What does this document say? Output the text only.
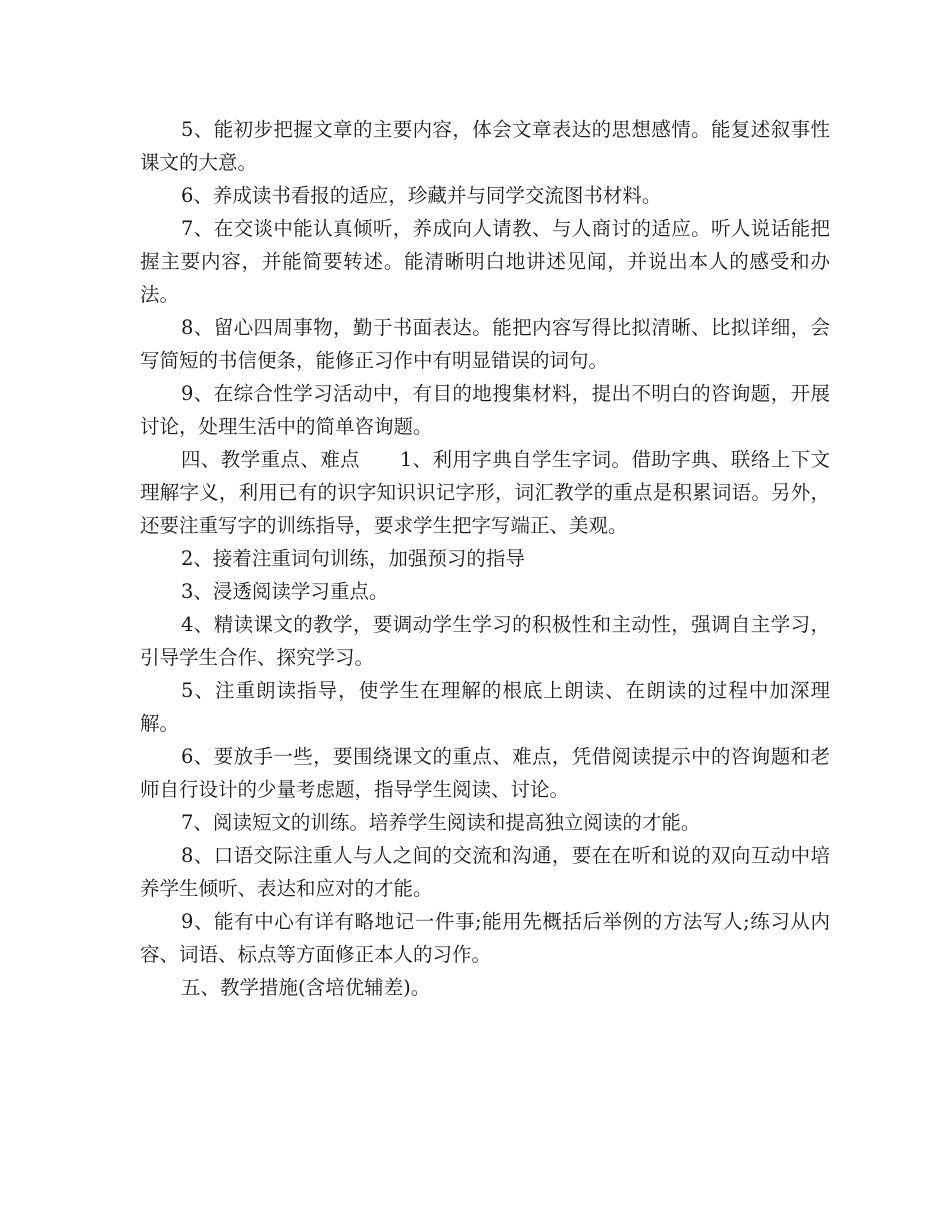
5、能初步把握文章的主要内容，体会文章表达的思想感情。能复述叙事性课文的大意。

6、养成读书看报的适应，珍藏并与同学交流图书材料。

7、在交谈中能认真倾听，养成向人请教、与人商讨的适应。听人说话能把握主要内容，并能简要转述。能清晰明白地讲述见闻，并说出本人的感受和办法。

8、留心四周事物，勤于书面表达。能把内容写得比拟清晰、比拟详细，会写简短的书信便条，能修正习作中有明显错误的词句。

9、在综合性学习活动中，有目的地搜集材料，提出不明白的咨询题，开展讨论，处理生活中的简单咨询题。

四、教学重点、难点　　1、利用字典自学生字词。借助字典、联络上下文理解字义，利用已有的识字知识识记字形，词汇教学的重点是积累词语。另外，还要注重写字的训练指导，要求学生把字写端正、美观。

2、接着注重词句训练，加强预习的指导

3、浸透阅读学习重点。

4、精读课文的教学，要调动学生学习的积极性和主动性，强调自主学习，引导学生合作、探究学习。

5、注重朗读指导，使学生在理解的根底上朗读、在朗读的过程中加深理解。

6、要放手一些，要围绕课文的重点、难点，凭借阅读提示中的咨询题和老师自行设计的少量考虑题，指导学生阅读、讨论。

7、阅读短文的训练。培养学生阅读和提高独立阅读的才能。

8、口语交际注重人与人之间的交流和沟通，要在在听和说的双向互动中培养学生倾听、表达和应对的才能。

9、能有中心有详有略地记一件事;能用先概括后举例的方法写人;练习从内容、词语、标点等方面修正本人的习作。

五、教学措施(含培优辅差)。
